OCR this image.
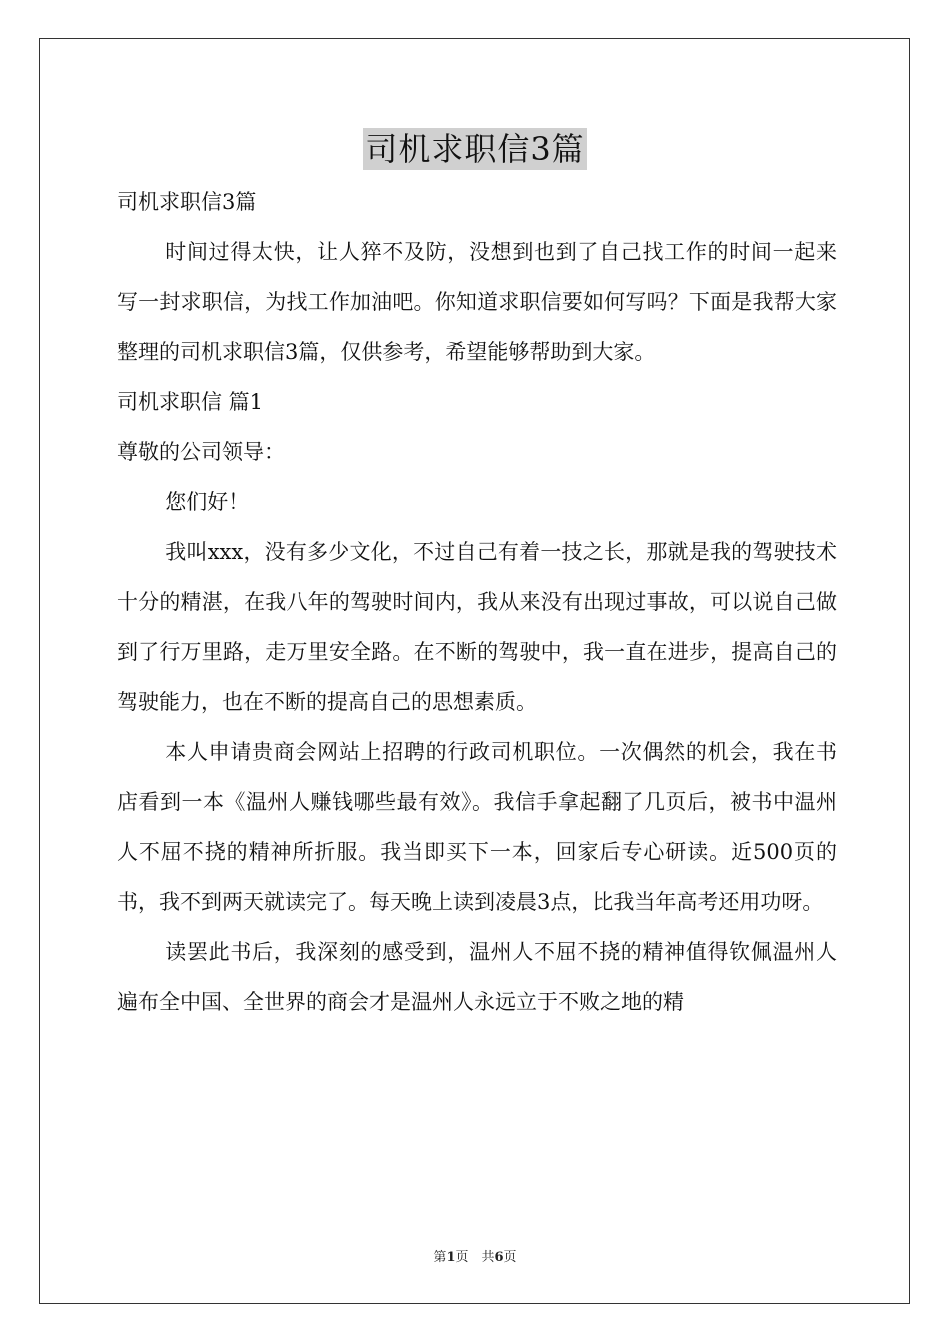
司机求职信3篇

司机求职信3篇

时间过得太快，让人猝不及防，没想到也到了自己找工作的时间一起来写一封求职信，为找工作加油吧。你知道求职信要如何写吗？下面是我帮大家整理的司机求职信3篇，仅供参考，希望能够帮助到大家。

司机求职信 篇1

尊敬的公司领导：

您们好！

我叫xxx，没有多少文化，不过自己有着一技之长，那就是我的驾驶技术十分的精湛，在我八年的驾驶时间内，我从来没有出现过事故，可以说自己做到了行万里路，走万里安全路。在不断的驾驶中，我一直在进步，提高自己的驾驶能力，也在不断的提高自己的思想素质。

本人申请贵商会网站上招聘的行政司机职位。一次偶然的机会，我在书店看到一本《温州人赚钱哪些最有效》。我信手拿起翻了几页后，被书中温州人不屈不挠的精神所折服。我当即买下一本，回家后专心研读。近500页的书，我不到两天就读完了。每天晚上读到凌晨3点，比我当年高考还用功呀。

读罢此书后，我深刻的感受到，温州人不屈不挠的精神值得钦佩温州人遍布全中国、全世界的商会才是温州人永远立于不败之地的精

第1页　共6页
